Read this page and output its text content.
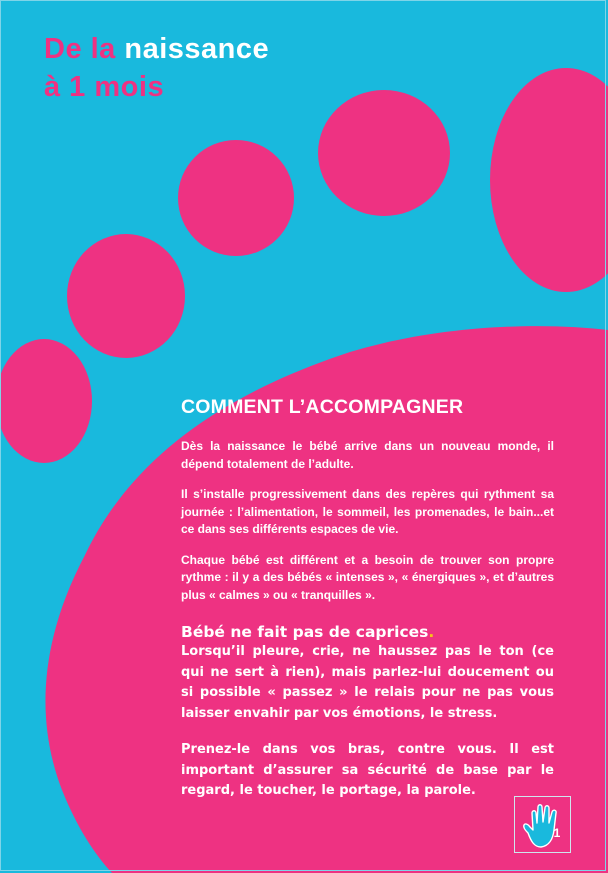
De la naissance
à 1 mois
COMMENT L’ACCOMPAGNER

Dès la naissance le bébé arrive dans un nouveau monde, il dépend totalement de l’adulte.

Il s’installe progressivement dans des repères qui rythment sa journée : l’alimentation, le sommeil, les promenades, le bain...et ce dans ses différents espaces de vie.

Chaque bébé est différent et a besoin de trouver son propre rythme : il y a des bébés « intenses », « énergiques », et d’autres plus « calmes » ou « tranquilles ».

Bébé ne fait pas de caprices.

Lorsqu’il pleure, crie, ne haussez pas le ton (ce qui ne sert à rien), mais parlez-lui doucement ou si possible « passez » le relais pour ne pas vous laisser envahir par vos émotions, le stress.

Prenez-le dans vos bras, contre vous. Il est important d’assurer sa sécurité de base par le regard, le toucher, le portage, la parole.

1
